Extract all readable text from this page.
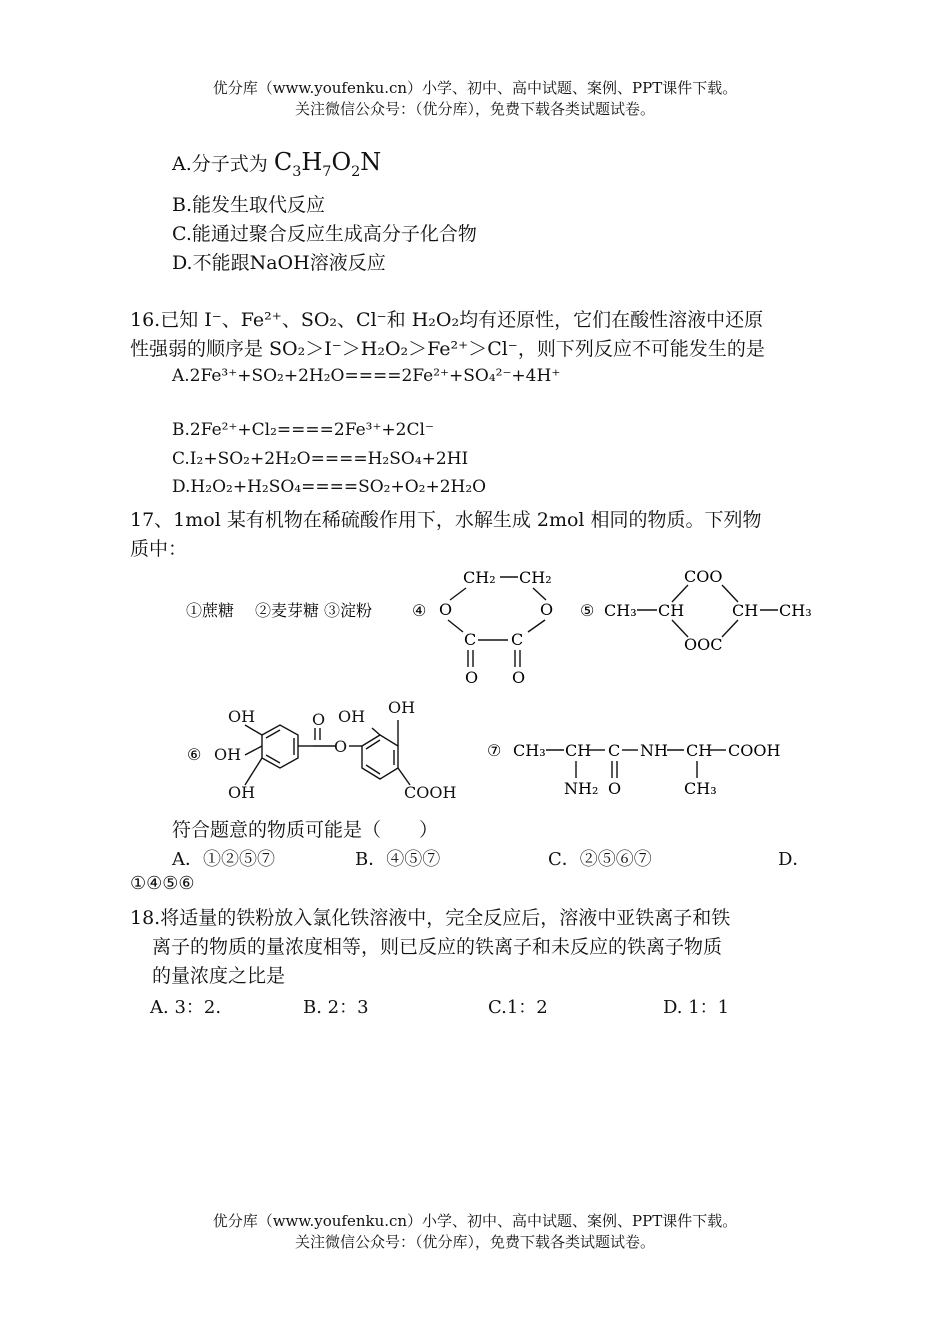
优分库（www.youfenku.cn）小学、初中、高中试题、案例、PPT课件下载。
关注微信公众号：（优分库），免费下载各类试题试卷。
A.分子式为 $C_3H_7O_2N$
B.能发生取代反应
C.能通过聚合反应生成高分子化合物
D.不能跟NaOH溶液反应
16.已知 I⁻、Fe²⁺、SO₂、Cl⁻和 H₂O₂均有还原性，它们在酸性溶液中还原
性强弱的顺序是 SO₂＞I⁻＞H₂O₂＞Fe²⁺＞Cl⁻，则下列反应不可能发生的是
A.2Fe³⁺+SO₂+2H₂O====2Fe²⁺+SO₄²⁻+4H⁺
B.2Fe²⁺+Cl₂====2Fe³⁺+2Cl⁻
C.I₂+SO₂+2H₂O====H₂SO₄+2HI
D.H₂O₂+H₂SO₄====SO₂+O₂+2H₂O
17、1mol 某有机物在稀硫酸作用下，水解生成 2mol 相同的物质。下列物
质中：
①蔗糖 ②麦芽糖 ③淀粉 ④
CH₂ CH₂
O	O
C C
O O
⑤ CH₃ CH
COO
OOC
CH CH₃
⑥
OH
OH
OH
O
O
OH OH
COOH
⑦ CH₃ CH C NH CH COOH
NH₂ O	CH₃
符合题意的物质可能是（　　）
A．①②⑤⑦	B．④⑤⑦	C．②⑤⑥⑦	D．
①④⑤⑥
18.将适量的铁粉放入氯化铁溶液中，完全反应后，溶液中亚铁离子和铁
离子的物质的量浓度相等，则已反应的铁离子和未反应的铁离子物质
的量浓度之比是
A. 3：2.	B. 2：3	C.1：2	D. 1：1
优分库（www.youfenku.cn）小学、初中、高中试题、案例、PPT课件下载。
关注微信公众号：（优分库），免费下载各类试题试卷。
